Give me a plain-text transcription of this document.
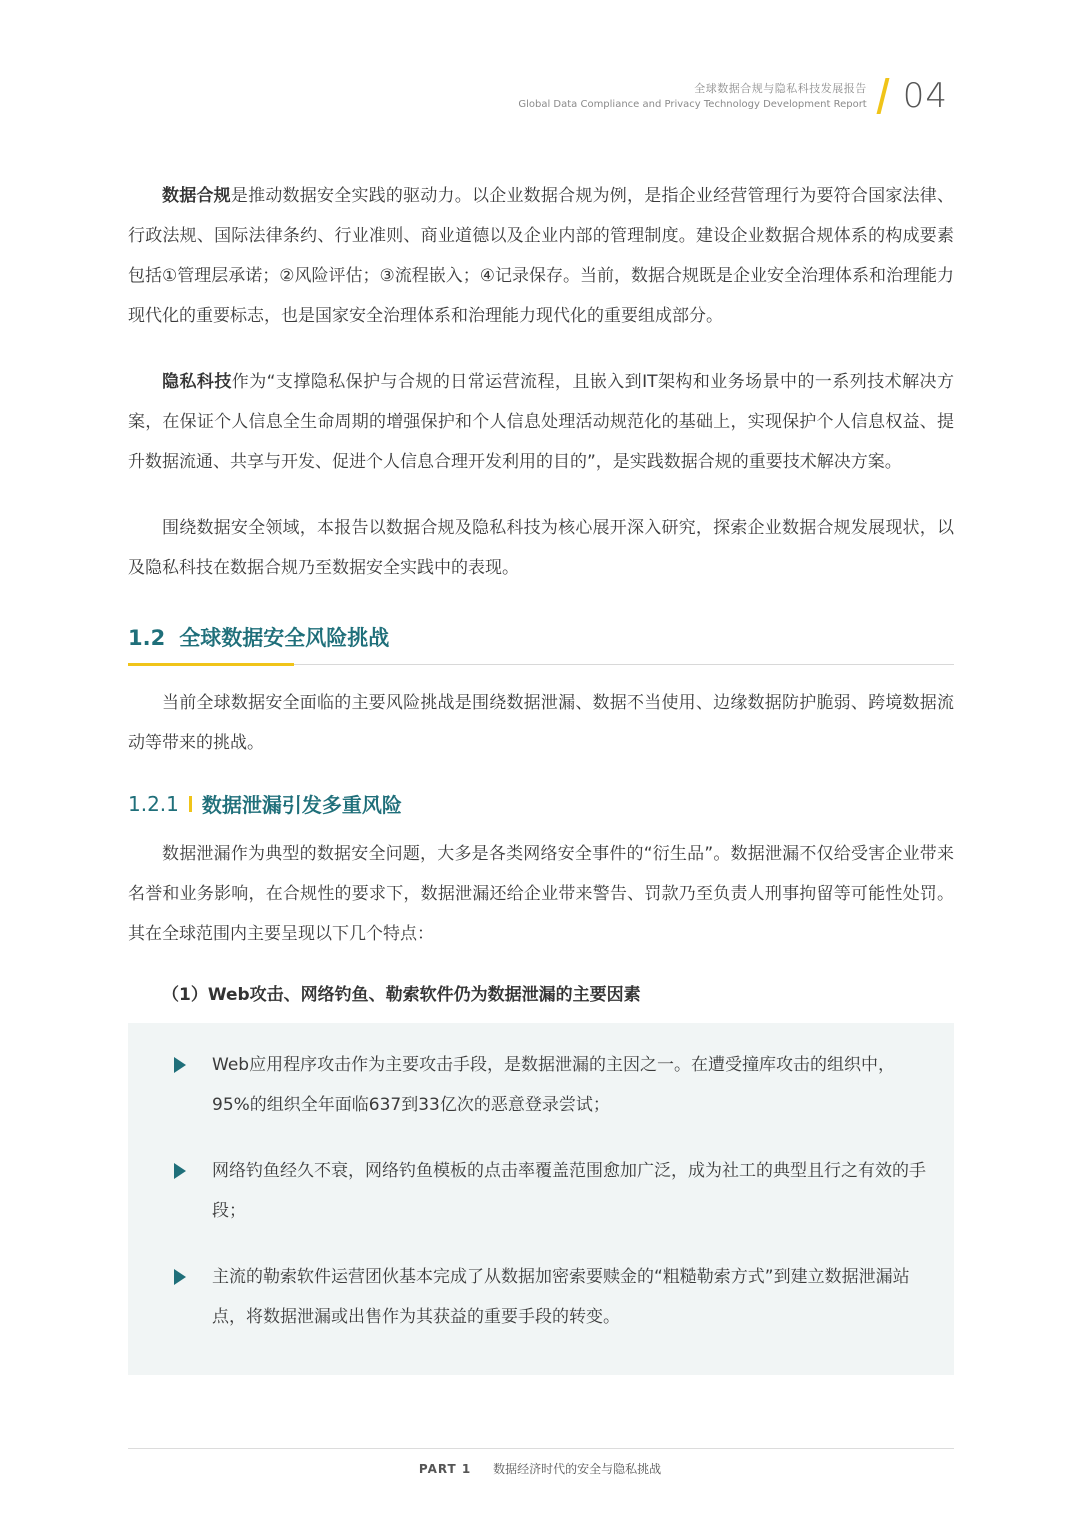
全球数据合规与隐私科技发展报告
Global Data Compliance and Privacy Technology Development Report 04

数据合规是推动数据安全实践的驱动力。以企业数据合规为例，是指企业经营管理行为要符合国家法律、行政法规、国际法律条约、行业准则、商业道德以及企业内部的管理制度。建设企业数据合规体系的构成要素包括①管理层承诺；②风险评估；③流程嵌入；④记录保存。当前，数据合规既是企业安全治理体系和治理能力现代化的重要标志，也是国家安全治理体系和治理能力现代化的重要组成部分。

隐私科技作为“支撑隐私保护与合规的日常运营流程，且嵌入到IT架构和业务场景中的一系列技术解决方案，在保证个人信息全生命周期的增强保护和个人信息处理活动规范化的基础上，实现保护个人信息权益、提升数据流通、共享与开发、促进个人信息合理开发利用的目的”，是实践数据合规的重要技术解决方案。

围绕数据安全领域，本报告以数据合规及隐私科技为核心展开深入研究，探索企业数据合规发展现状，以及隐私科技在数据合规乃至数据安全实践中的表现。

1.2 全球数据安全风险挑战

当前全球数据安全面临的主要风险挑战是围绕数据泄漏、数据不当使用、边缘数据防护脆弱、跨境数据流动等带来的挑战。

1.2.1 数据泄漏引发多重风险

数据泄漏作为典型的数据安全问题，大多是各类网络安全事件的“衍生品”。数据泄漏不仅给受害企业带来名誉和业务影响，在合规性的要求下，数据泄漏还给企业带来警告、罚款乃至负责人刑事拘留等可能性处罚。其在全球范围内主要呈现以下几个特点：

（1）Web攻击、网络钓鱼、勒索软件仍为数据泄漏的主要因素
Web应用程序攻击作为主要攻击手段，是数据泄漏的主因之一。在遭受撞库攻击的组织中，95%的组织全年面临637到33亿次的恶意登录尝试；
网络钓鱼经久不衰，网络钓鱼模板的点击率覆盖范围愈加广泛，成为社工的典型且行之有效的手段；
主流的勒索软件运营团伙基本完成了从数据加密索要赎金的“粗糙勒索方式”到建立数据泄漏站点，将数据泄漏或出售作为其获益的重要手段的转变。
PART 1 数据经济时代的安全与隐私挑战
